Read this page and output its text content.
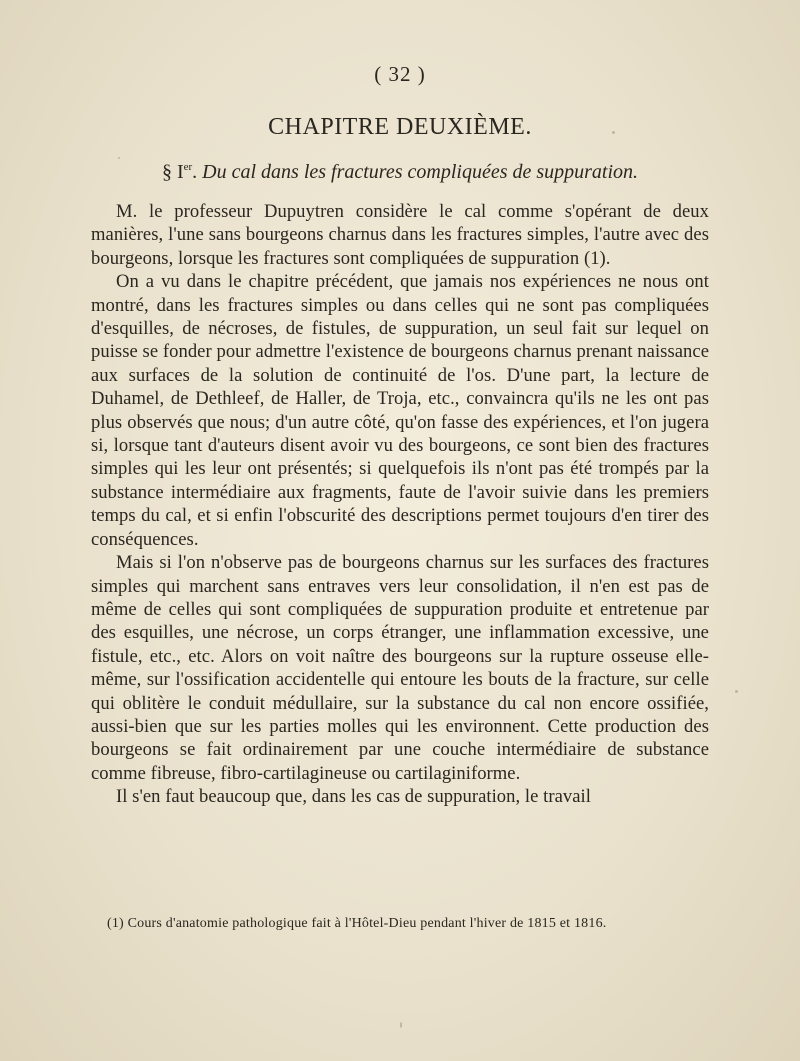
( 32 )
CHAPITRE DEUXIÈME.
§ Ier. Du cal dans les fractures compliquées de suppuration.

M. le professeur Dupuytren considère le cal comme s'opérant de deux manières, l'une sans bourgeons charnus dans les fractures simples, l'autre avec des bourgeons, lorsque les fractures sont compliquées de suppuration (1).

On a vu dans le chapitre précédent, que jamais nos expériences ne nous ont montré, dans les fractures simples ou dans celles qui ne sont pas compliquées d'esquilles, de nécroses, de fistules, de suppuration, un seul fait sur lequel on puisse se fonder pour admettre l'existence de bourgeons charnus prenant naissance aux surfaces de la solution de continuité de l'os. D'une part, la lecture de Duhamel, de Dethleef, de Haller, de Troja, etc., convaincra qu'ils ne les ont pas plus observés que nous; d'un autre côté, qu'on fasse des expériences, et l'on jugera si, lorsque tant d'auteurs disent avoir vu des bourgeons, ce sont bien des fractures simples qui les leur ont présentés; si quelquefois ils n'ont pas été trompés par la substance intermédiaire aux fragments, faute de l'avoir suivie dans les premiers temps du cal, et si enfin l'obscurité des descriptions permet toujours d'en tirer des conséquences.

Mais si l'on n'observe pas de bourgeons charnus sur les surfaces des fractures simples qui marchent sans entraves vers leur consolidation, il n'en est pas de même de celles qui sont compliquées de suppuration produite et entretenue par des esquilles, une nécrose, un corps étranger, une inflammation excessive, une fistule, etc., etc. Alors on voit naître des bourgeons sur la rupture osseuse elle-même, sur l'ossification accidentelle qui entoure les bouts de la fracture, sur celle qui oblitère le conduit médullaire, sur la substance du cal non encore ossifiée, aussi-bien que sur les parties molles qui les environnent. Cette production des bourgeons se fait ordinairement par une couche intermédiaire de substance comme fibreuse, fibro-cartilagineuse ou cartilaginiforme.

Il s'en faut beaucoup que, dans les cas de suppuration, le travail

(1) Cours d'anatomie pathologique fait à l'Hôtel-Dieu pendant l'hiver de 1815 et 1816.
